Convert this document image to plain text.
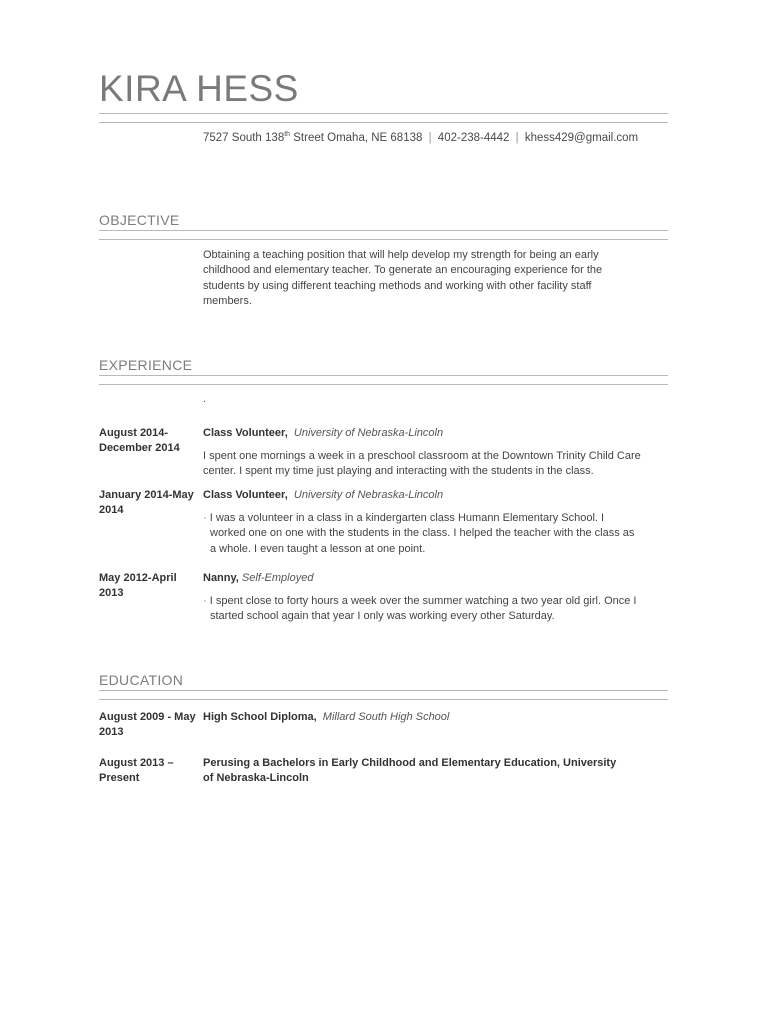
KIRA HESS
7527 South 138th Street Omaha, NE 68138 | 402-238-4442 | khess429@gmail.com
OBJECTIVE
Obtaining a teaching position that will help develop my strength for being an early childhood and elementary teacher. To generate an encouraging experience for the students by using different teaching methods and working with other facility staff members.
EXPERIENCE
.
August 2014- December 2014
Class Volunteer, University of Nebraska-Lincoln
I spent one mornings a week in a preschool classroom at the Downtown Trinity Child Care center. I spent my time just playing and interacting with the students in the class.
January 2014-May 2014
Class Volunteer, University of Nebraska-Lincoln
· I was a volunteer in a class in a kindergarten class Humann Elementary School. I worked one on one with the students in the class. I helped the teacher with the class as a whole. I even taught a lesson at one point.
May 2012-April 2013
Nanny, Self-Employed
· I spent close to forty hours a week over the summer watching a two year old girl. Once I started school again that year I only was working every other Saturday.
EDUCATION
August 2009 - May 2013
High School Diploma, Millard South High School
August 2013 – Present
Perusing a Bachelors in Early Childhood and Elementary Education, University of Nebraska-Lincoln
